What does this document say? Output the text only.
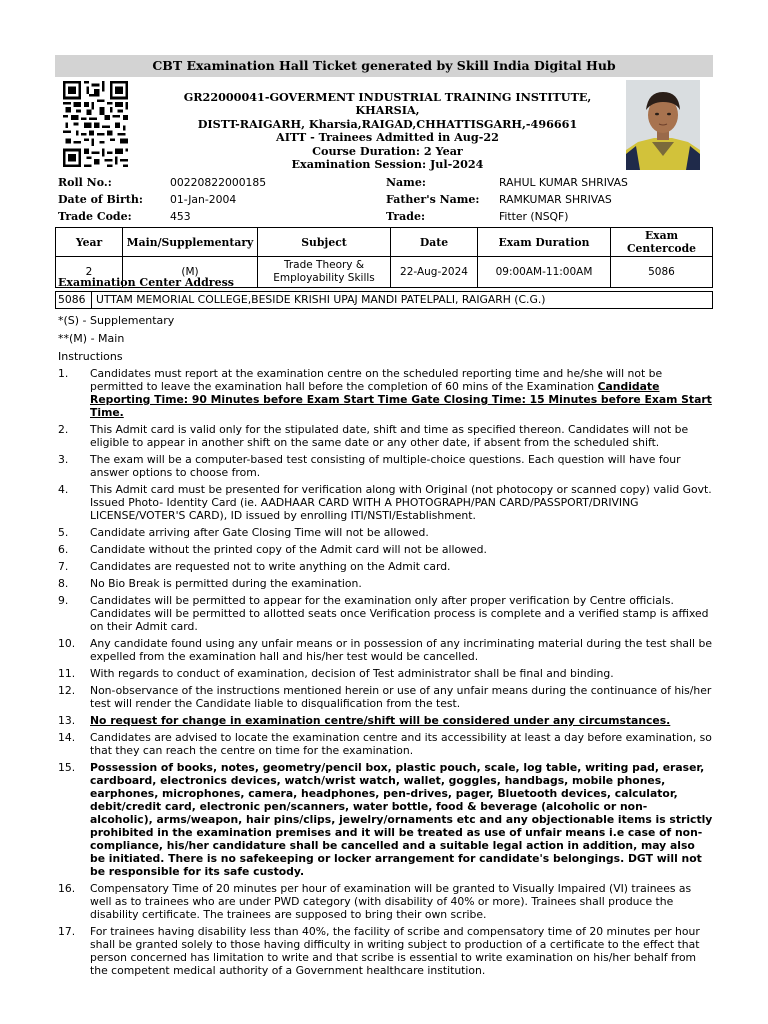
CBT Examination Hall Ticket generated by Skill India Digital Hub
GR22000041-GOVERMENT INDUSTRIAL TRAINING INSTITUTE, KHARSIA,
DISTT-RAIGARH, Kharsia,RAIGAD,CHHATTISGARH,-496661
AITT - Trainees Admitted in Aug-22
Course Duration: 2 Year
Examination Session: Jul-2024
Roll No.:	00220822000185	Name:	RAHUL KUMAR SHRIVAS
Date of Birth:	01-Jan-2004	Father's Name: RAMKUMAR SHRIVAS
Trade Code:	453	Trade:	Fitter (NSQF)
Year	Main/Supplementary	Subject	Date	Exam Duration	Exam Centercode
2	(M)	Trade Theory &
Employability Skills	22-Aug-2024	09:00AM-11:00AM	5086
Examination Center Address
5086 UTTAM MEMORIAL COLLEGE,BESIDE KRISHI UPAJ MANDI PATELPALI, RAIGARH (C.G.)
*(S) - Supplementary
**(M) - Main
Instructions
1. Candidates must report at the examination centre on the scheduled reporting time and he/she will not be permitted to leave the examination hall before the completion of 60 mins of the Examination Candidate Reporting Time: 90 Minutes before Exam Start Time Gate Closing Time: 15 Minutes before Exam Start Time.
2. This Admit card is valid only for the stipulated date, shift and time as specified thereon. Candidates will not be eligible to appear in another shift on the same date or any other date, if absent from the scheduled shift.
3. The exam will be a computer-based test consisting of multiple-choice questions. Each question will have four answer options to choose from.
4. This Admit card must be presented for verification along with Original (not photocopy or scanned copy) valid Govt. Issued Photo- Identity Card (ie. AADHAAR CARD WITH A PHOTOGRAPH/PAN CARD/PASSPORT/DRIVING LICENSE/VOTER'S CARD), ID issued by enrolling ITI/NSTI/Establishment.
5. Candidate arriving after Gate Closing Time will not be allowed.
6. Candidate without the printed copy of the Admit card will not be allowed.
7. Candidates are requested not to write anything on the Admit card.
8. No Bio Break is permitted during the examination.
9. Candidates will be permitted to appear for the examination only after proper verification by Centre officials. Candidates will be permitted to allotted seats once Verification process is complete and a verified stamp is affixed on their Admit card.
10. Any candidate found using any unfair means or in possession of any incriminating material during the test shall be expelled from the examination hall and his/her test would be cancelled.
11. With regards to conduct of examination, decision of Test administrator shall be final and binding.
12. Non-observance of the instructions mentioned herein or use of any unfair means during the continuance of his/her test will render the Candidate liable to disqualification from the test.
13. No request for change in examination centre/shift will be considered under any circumstances.
14. Candidates are advised to locate the examination centre and its accessibility at least a day before examination, so that they can reach the centre on time for the examination.
15. Possession of books, notes, geometry/pencil box, plastic pouch, scale, log table, writing pad, eraser, cardboard, electronics devices, watch/wrist watch, wallet, goggles, handbags, mobile phones, earphones, microphones, camera, headphones, pen-drives, pager, Bluetooth devices, calculator, debit/credit card, electronic pen/scanners, water bottle, food & beverage (alcoholic or non- alcoholic), arms/weapon, hair pins/clips, jewelry/ornaments etc and any objectionable items is strictly prohibited in the examination premises and it will be treated as use of unfair means i.e case of non-compliance, his/her candidature shall be cancelled and a suitable legal action in addition, may also be initiated. There is no safekeeping or locker arrangement for candidate's belongings. DGT will not be responsible for its safe custody.
16. Compensatory Time of 20 minutes per hour of examination will be granted to Visually Impaired (VI) trainees as well as to trainees who are under PWD category (with disability of 40% or more). Trainees shall produce the disability certificate. The trainees are supposed to bring their own scribe.
17. For trainees having disability less than 40%, the facility of scribe and compensatory time of 20 minutes per hour shall be granted solely to those having difficulty in writing subject to production of a certificate to the effect that person concerned has limitation to write and that scribe is essential to write examination on his/her behalf from the competent medical authority of a Government healthcare institution.
